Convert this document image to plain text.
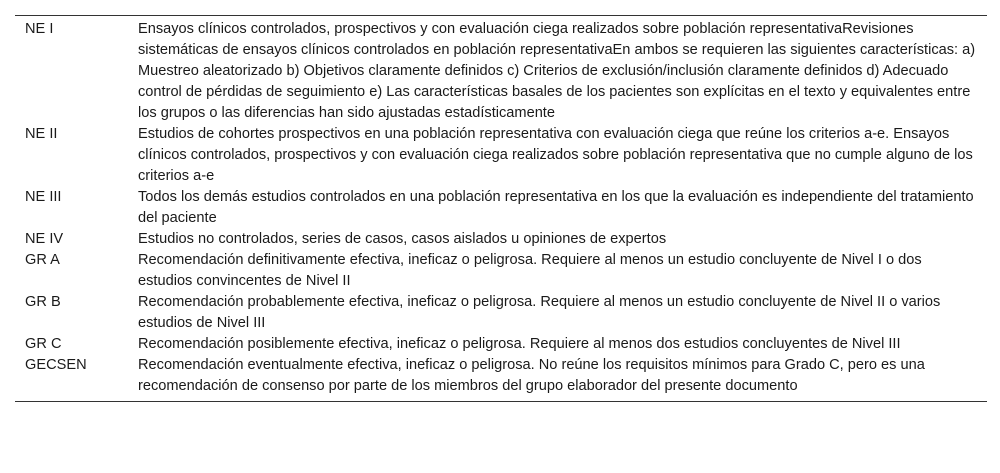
NE I	Ensayos clínicos controlados, prospectivos y con evaluación ciega realizados sobre población representativaRevisiones sistemáticas de ensayos clínicos controlados en población representativaEn ambos se requieren las siguientes características: a) Muestreo aleatorizado b) Objetivos claramente definidos c) Criterios de exclusión/inclusión claramente definidos d) Adecuado control de pérdidas de seguimiento e) Las características basales de los pacientes son explícitas en el texto y equivalentes entre los grupos o las diferencias han sido ajustadas estadísticamente
NE II	Estudios de cohortes prospectivos en una población representativa con evaluación ciega que reúne los criterios a-e. Ensayos clínicos controlados, prospectivos y con evaluación ciega realizados sobre población representativa que no cumple alguno de los criterios a-e
NE III	Todos los demás estudios controlados en una población representativa en los que la evaluación es independiente del tratamiento del paciente
NE IV	Estudios no controlados, series de casos, casos aislados u opiniones de expertos
GR A	Recomendación definitivamente efectiva, ineficaz o peligrosa. Requiere al menos un estudio concluyente de Nivel I o dos estudios convincentes de Nivel II
GR B	Recomendación probablemente efectiva, ineficaz o peligrosa. Requiere al menos un estudio concluyente de Nivel II o varios estudios de Nivel III
GR C	Recomendación posiblemente efectiva, ineficaz o peligrosa. Requiere al menos dos estudios concluyentes de Nivel III
GECSEN	Recomendación eventualmente efectiva, ineficaz o peligrosa. No reúne los requisitos mínimos para Grado C, pero es una recomendación de consenso por parte de los miembros del grupo elaborador del presente documento
